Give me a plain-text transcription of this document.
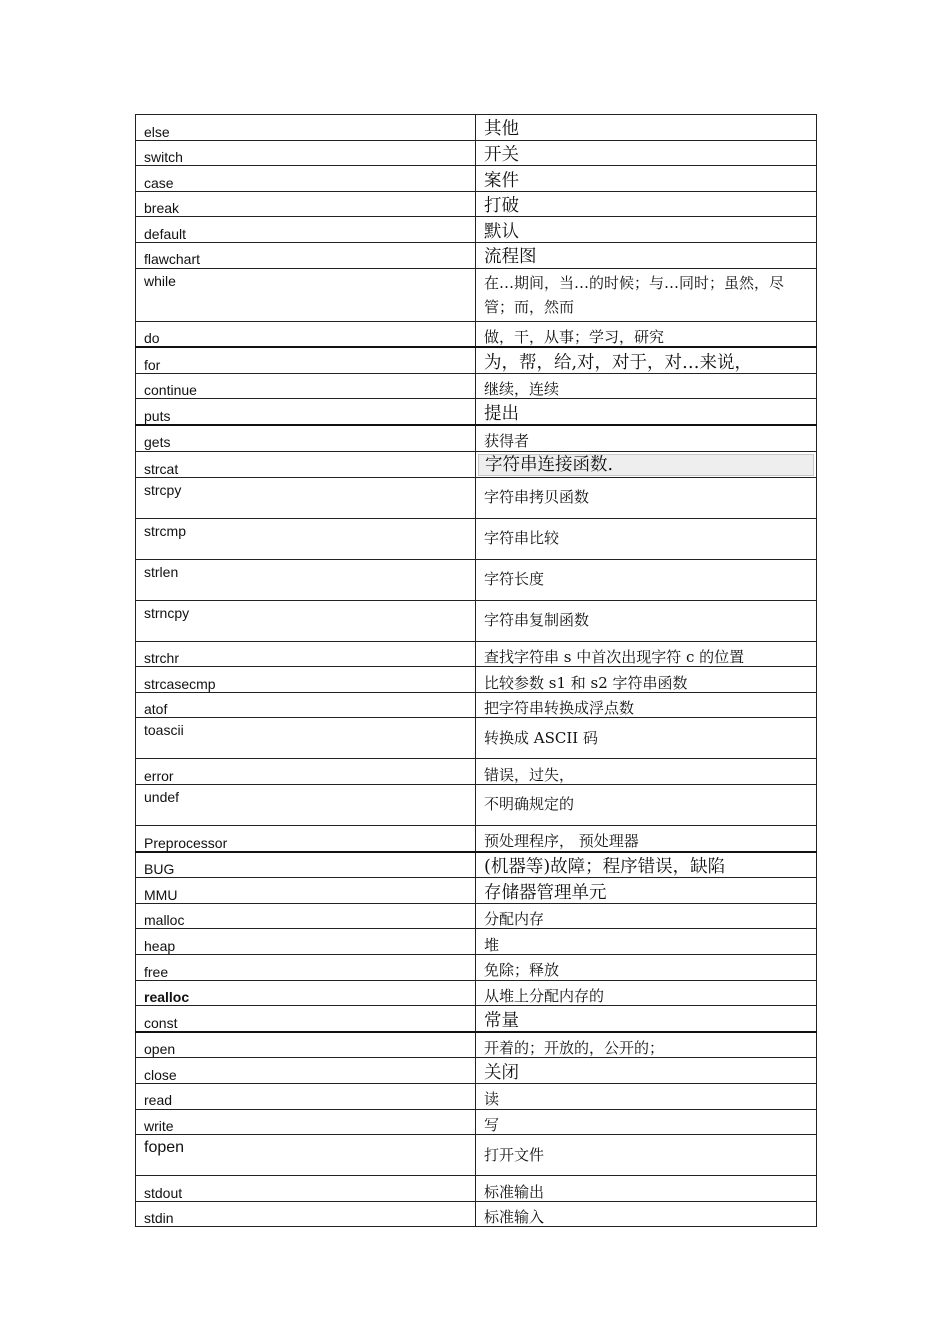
else	其他
switch	开关
case	案件
break	打破
default	默认
flawchart	流程图
while	在…期间，当…的时候；与…同时；虽然，尽管；而，然而
do	做，干，从事；学习，研究
for	为，帮，给,对，对于，对…来说，
continue	继续，连续
puts	提出
gets	获得者
strcat	字符串连接函数.

strcpy	字符串拷贝函数
strcmp	字符串比较
strlen	字符长度
strncpy	字符串复制函数
strchr	查找字符串 s 中首次出现字符 c 的位置
strcasecmp	比较参数 s1 和 s2 字符串函数
atof	把字符串转换成浮点数
toascii	转换成 ASCII 码
error	错误，过失，
undef	不明确规定的
Preprocessor	预处理程序， 预处理器
BUG	(机器等)故障；程序错误，缺陷
MMU	存储器管理单元
malloc	分配内存
heap	堆
free	免除；释放
realloc	从堆上分配内存的
const	常量
open	开着的；开放的，公开的；
close	关闭
read	读
write	写
fopen	打开文件
stdout	标准输出
stdin	标准输入
